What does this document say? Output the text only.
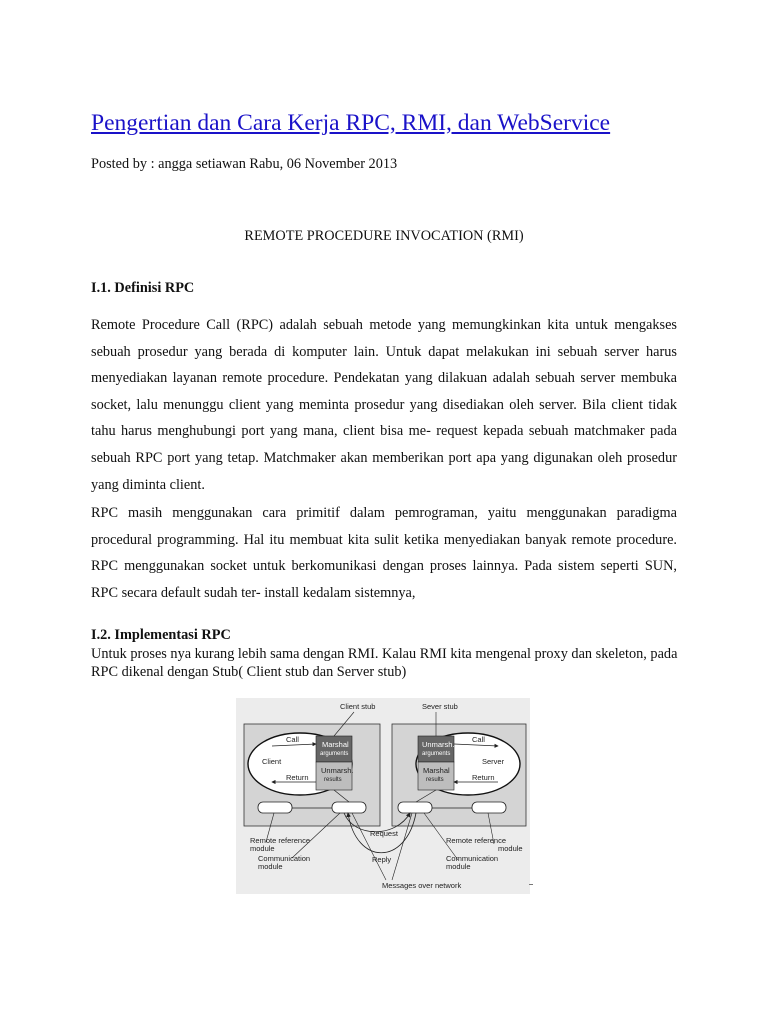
Pengertian dan Cara Kerja RPC, RMI, dan WebService
Posted by : angga setiawan Rabu, 06 November 2013
REMOTE PROCEDURE INVOCATION (RMI)
I.1. Definisi RPC

Remote Procedure Call (RPC) adalah sebuah metode yang memungkinkan kita untuk mengakses sebuah prosedur yang berada di komputer lain. Untuk dapat melakukan ini sebuah server harus menyediakan layanan remote procedure. Pendekatan yang dilakuan adalah sebuah server membuka socket, lalu menunggu client yang meminta prosedur yang disediakan oleh server. Bila client tidak tahu harus menghubungi port yang mana, client bisa me- request kepada sebuah matchmaker pada sebuah RPC port yang tetap. Matchmaker akan memberikan port apa yang digunakan oleh prosedur yang diminta client.

RPC masih menggunakan cara primitif dalam pemrograman, yaitu menggunakan paradigma procedural programming. Hal itu membuat kita sulit ketika menyediakan banyak remote procedure. RPC menggunakan socket untuk berkomunikasi dengan proses lainnya. Pada sistem seperti SUN, RPC secara default sudah ter- install kedalam sistemnya,

I.2. Implementasi RPC

Untuk proses nya kurang lebih sama dengan RMI. Kalau RMI kita mengenal proxy dan skeleton, pada RPC dikenal dengan Stub( Client stub dan Server stub)

Client stub	Sever stub
Call
Client
Return
Call
Server
Return
Marshal
arguments
Unmarsh.
results
Unmarsh.
arguments
Marshal
results
Request
Reply
Remote reference
module
Communication
module
Remote reference
module
Communication
module
Messages over network
